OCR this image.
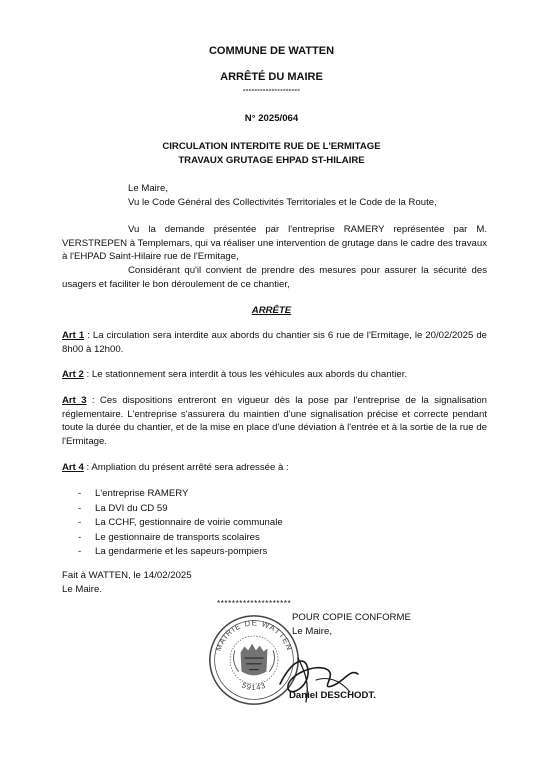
COMMUNE DE WATTEN
ARRÊTÉ DU MAIRE
--------------------
N° 2025/064
CIRCULATION INTERDITE RUE DE L'ERMITAGE
TRAVAUX GRUTAGE EHPAD ST-HILAIRE
Le Maire,
Vu le Code Général des Collectivités Territoriales et le Code de la Route,
Vu la demande présentée par l'entreprise RAMERY représentée par M. VERSTREPEN à Templemars, qui va réaliser une intervention de grutage dans le cadre des travaux à l'EHPAD Saint-Hilaire rue de l'Ermitage,
Considérant qu'il convient de prendre des mesures pour assurer la sécurité des usagers et faciliter le bon déroulement de ce chantier,
ARRÊTE
Art 1 : La circulation sera interdite aux abords du chantier sis 6 rue de l'Ermitage, le 20/02/2025 de 8h00 à 12h00.
Art 2 : Le stationnement sera interdit à tous les véhicules aux abords du chantier.
Art 3 : Ces dispositions entreront en vigueur dès la pose par l'entreprise de la signalisation réglementaire. L'entreprise s'assurera du maintien d'une signalisation précise et correcte pendant toute la durée du chantier, et de la mise en place d'une déviation à l'entrée et à la sortie de la rue de l'Ermitage.
Art 4 : Ampliation du présent arrêté sera adressée à :
- L'entreprise RAMERY
- La DVI du CD 59
- La CCHF, gestionnaire de voirie communale
- Le gestionnaire de transports scolaires
- La gendarmerie et les sapeurs-pompiers
Fait à WATTEN, le 14/02/2025
Le Maire.
********************
POUR COPIE CONFORME
Le Maire,
MAIRIE DE WATTEN
59143
Daniel DESCHODT.
